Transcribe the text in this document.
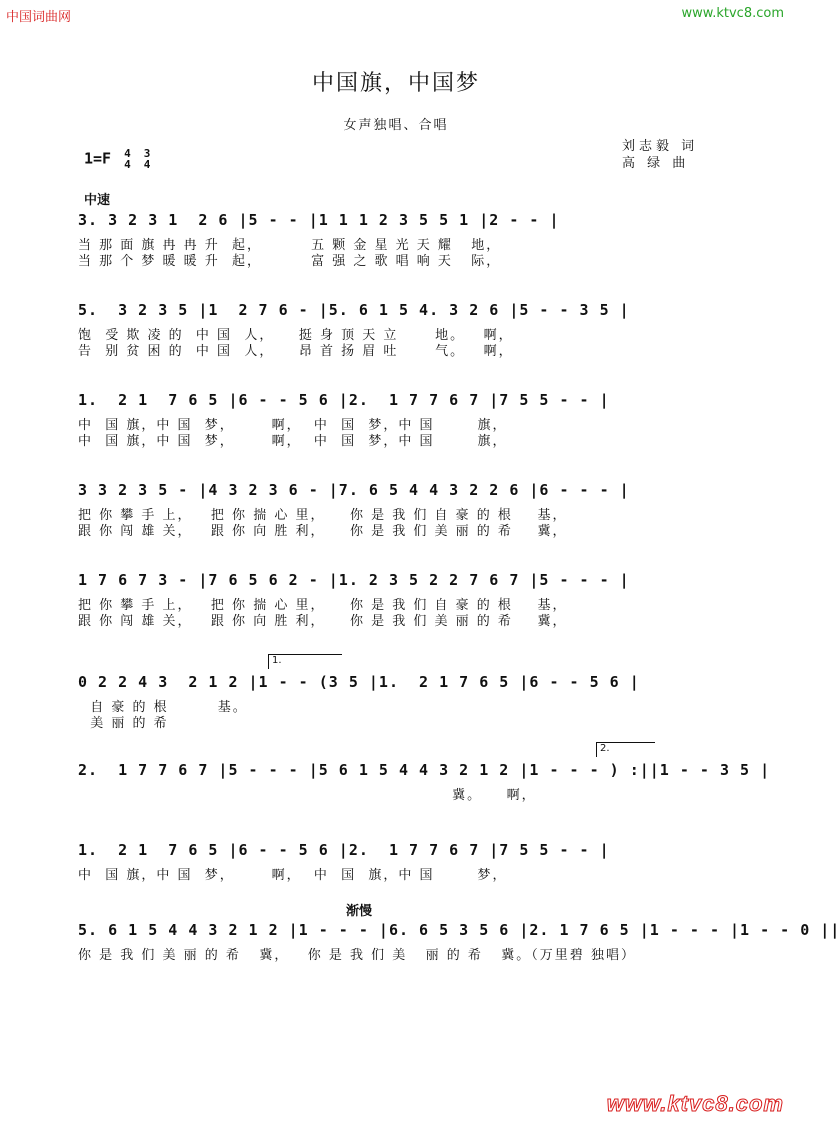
中国词曲网	www.ktvc8.com
www.ktvc8.com
中国旗，中国梦
女声独唱、合唱
1=F 4
4

3
4
刘志毅 词
高 绿 曲
中速
3. 3 2 3 1  2 6 |5 - - |1 1 1 2 3 5 5 1 |2 - - |
当 那 面 旗 冉 冉 升  起，        五 颗 金 星 光 天 耀   地，
当 那 个 梦 暖 暖 升  起，        富 强 之 歌 唱 响 天   际，
5.  3 2 3 5 |1  2 7 6 - |5. 6 1 5 4. 3 2 6 |5 - - 3 5 |
饱  受 欺 凌 的  中 国  人，    挺 身 顶 天 立      地。   啊，
告  别 贫 困 的  中 国  人，    昂 首 扬 眉 吐      气。   啊，
1.  2 1  7 6 5 |6 - - 5 6 |2.  1 7 7 6 7 |7 5 5 - - |
中  国 旗，中 国  梦，      啊，  中  国  梦，中 国       旗，
中  国 旗，中 国  梦，      啊，  中  国  梦，中 国       旗，
3 3 2 3 5 - |4 3 2 3 6 - |7. 6 5 4 4 3 2 2 6 |6 - - - |
把 你 攀 手 上，   把 你 揣 心 里，    你 是 我 们 自 豪 的 根    基，
跟 你 闯 雄 关，   跟 你 向 胜 利，    你 是 我 们 美 丽 的 希    冀，
1 7 6 7 3 - |7 6 5 6 2 - |1. 2 3 5 2 2 7 6 7 |5 - - - |
把 你 攀 手 上，   把 你 揣 心 里，    你 是 我 们 自 豪 的 根    基，
跟 你 闯 雄 关，   跟 你 向 胜 利，    你 是 我 们 美 丽 的 希    冀，
0 2 2 4 3  2 1 2 |1 - - (3 5 |1.  2 1 7 6 5 |6 - - 5 6 |
1.
自 豪 的 根        基。
美 丽 的 希
2.  1 7 7 6 7 |5 - - - |5 6 1 5 4 4 3 2 1 2 |1 - - - ) :||1 - - 3 5 |
2.
冀。    啊，
1.  2 1  7 6 5 |6 - - 5 6 |2.  1 7 7 6 7 |7 5 5 - - |
中  国 旗，中 国  梦，      啊，  中  国  旗，中 国       梦，
5. 6 1 5 4 4 3 2 1 2 |1 - - - |6. 6 5 3 5 6 |2. 1 7 6 5 |1 - - - |1 - - 0 ||
渐慢
你 是 我 们 美 丽 的 希   冀，   你 是 我 们 美   丽 的 希   冀。（万里碧 独唱）
